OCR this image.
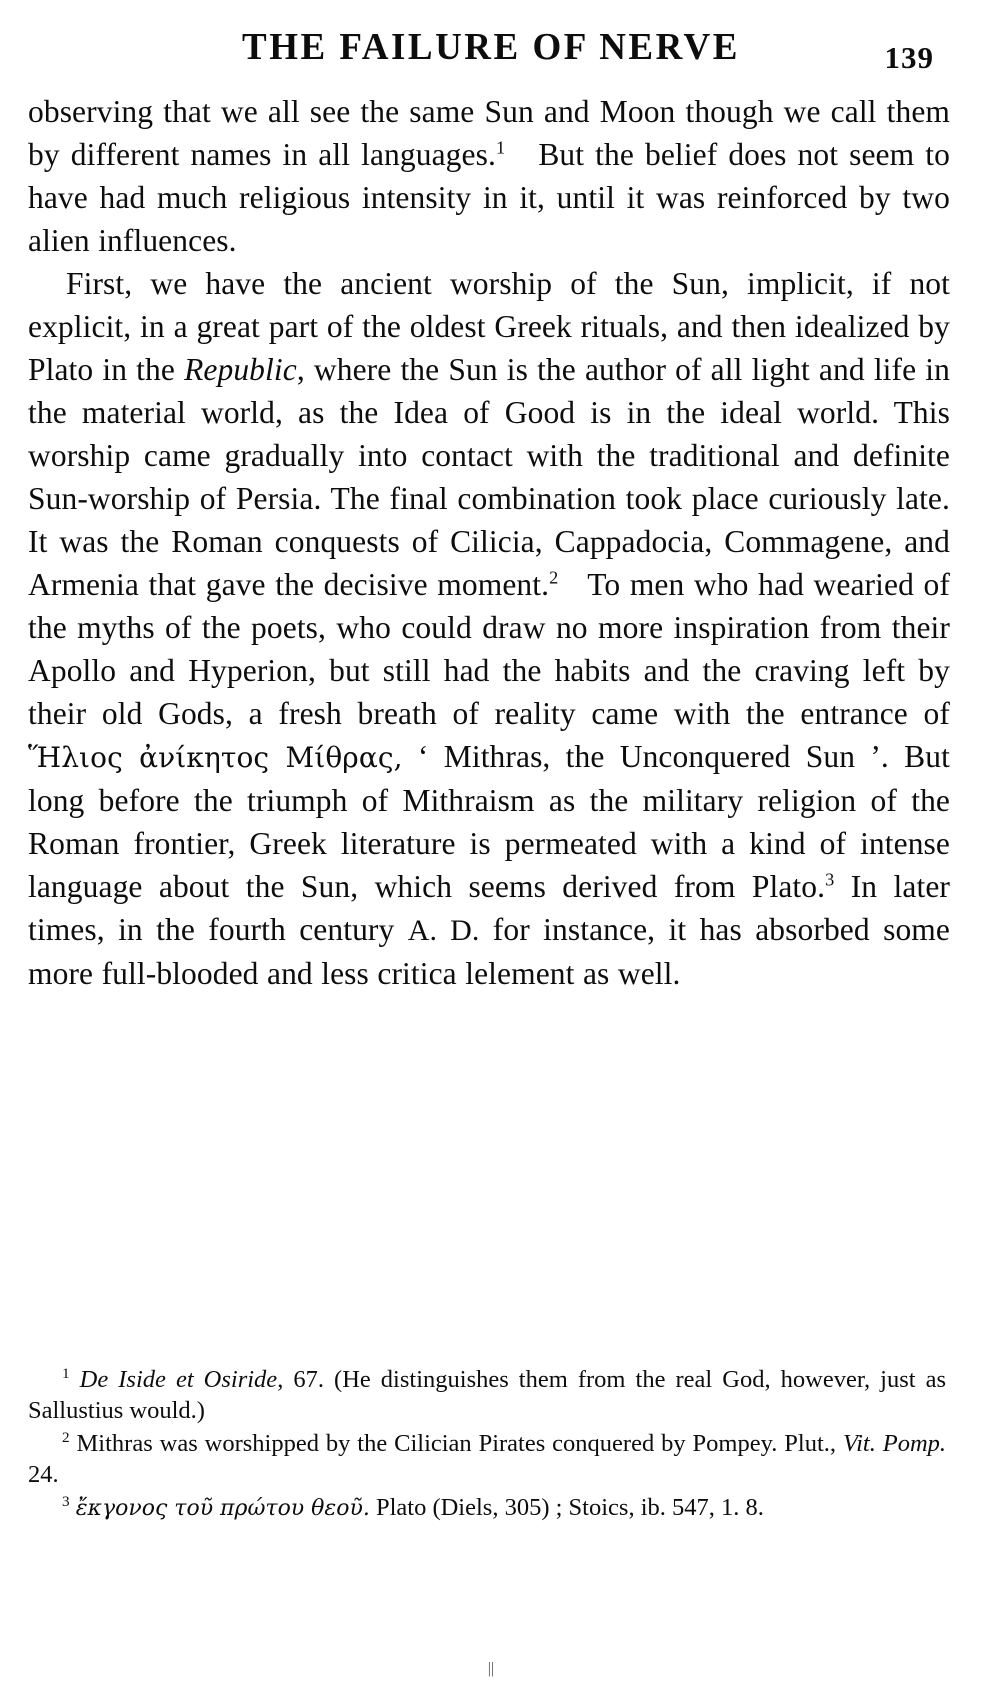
THE FAILURE OF NERVE	139

observing that we all see the same Sun and Moon though we call them by different names in all languages.$^1$ But the belief does not seem to have had much religious intensity in it, until it was reinforced by two alien influences.

First, we have the ancient worship of the Sun, implicit, if not explicit, in a great part of the oldest Greek rituals, and then idealized by Plato in the Republic, where the Sun is the author of all light and life in the material world, as the Idea of Good is in the ideal world. This worship came gradually into contact with the traditional and definite Sun-worship of Persia. The final combination took place curiously late. It was the Roman conquests of Cilicia, Cappadocia, Commagene, and Armenia that gave the decisive moment.$^2$ To men who had wearied of the myths of the poets, who could draw no more inspiration from their Apollo and Hyperion, but still had the habits and the craving left by their old Gods, a fresh breath of reality came with the entrance of Ἥλιος ἀνίκητος Μίθρας, ‘ Mithras, the Unconquered Sun ’. But long before the triumph of Mithraism as the military religion of the Roman frontier, Greek literature is permeated with a kind of intense language about the Sun, which seems derived from Plato.$^3$ In later times, in the fourth century A. D. for instance, it has absorbed some more full-blooded and less critica lelement as well.

$^1$ De Iside et Osiride, 67. (He distinguishes them from the real God, however, just as Sallustius would.)

$^2$ Mithras was worshipped by the Cilician Pirates conquered by Pompey. Plut., Vit. Pomp. 24.

$^3$ ἔκγονος τοῦ πρώτου θεοῦ. Plato (Diels, 305) ; Stoics, ib. 547, 1. 8.

||
